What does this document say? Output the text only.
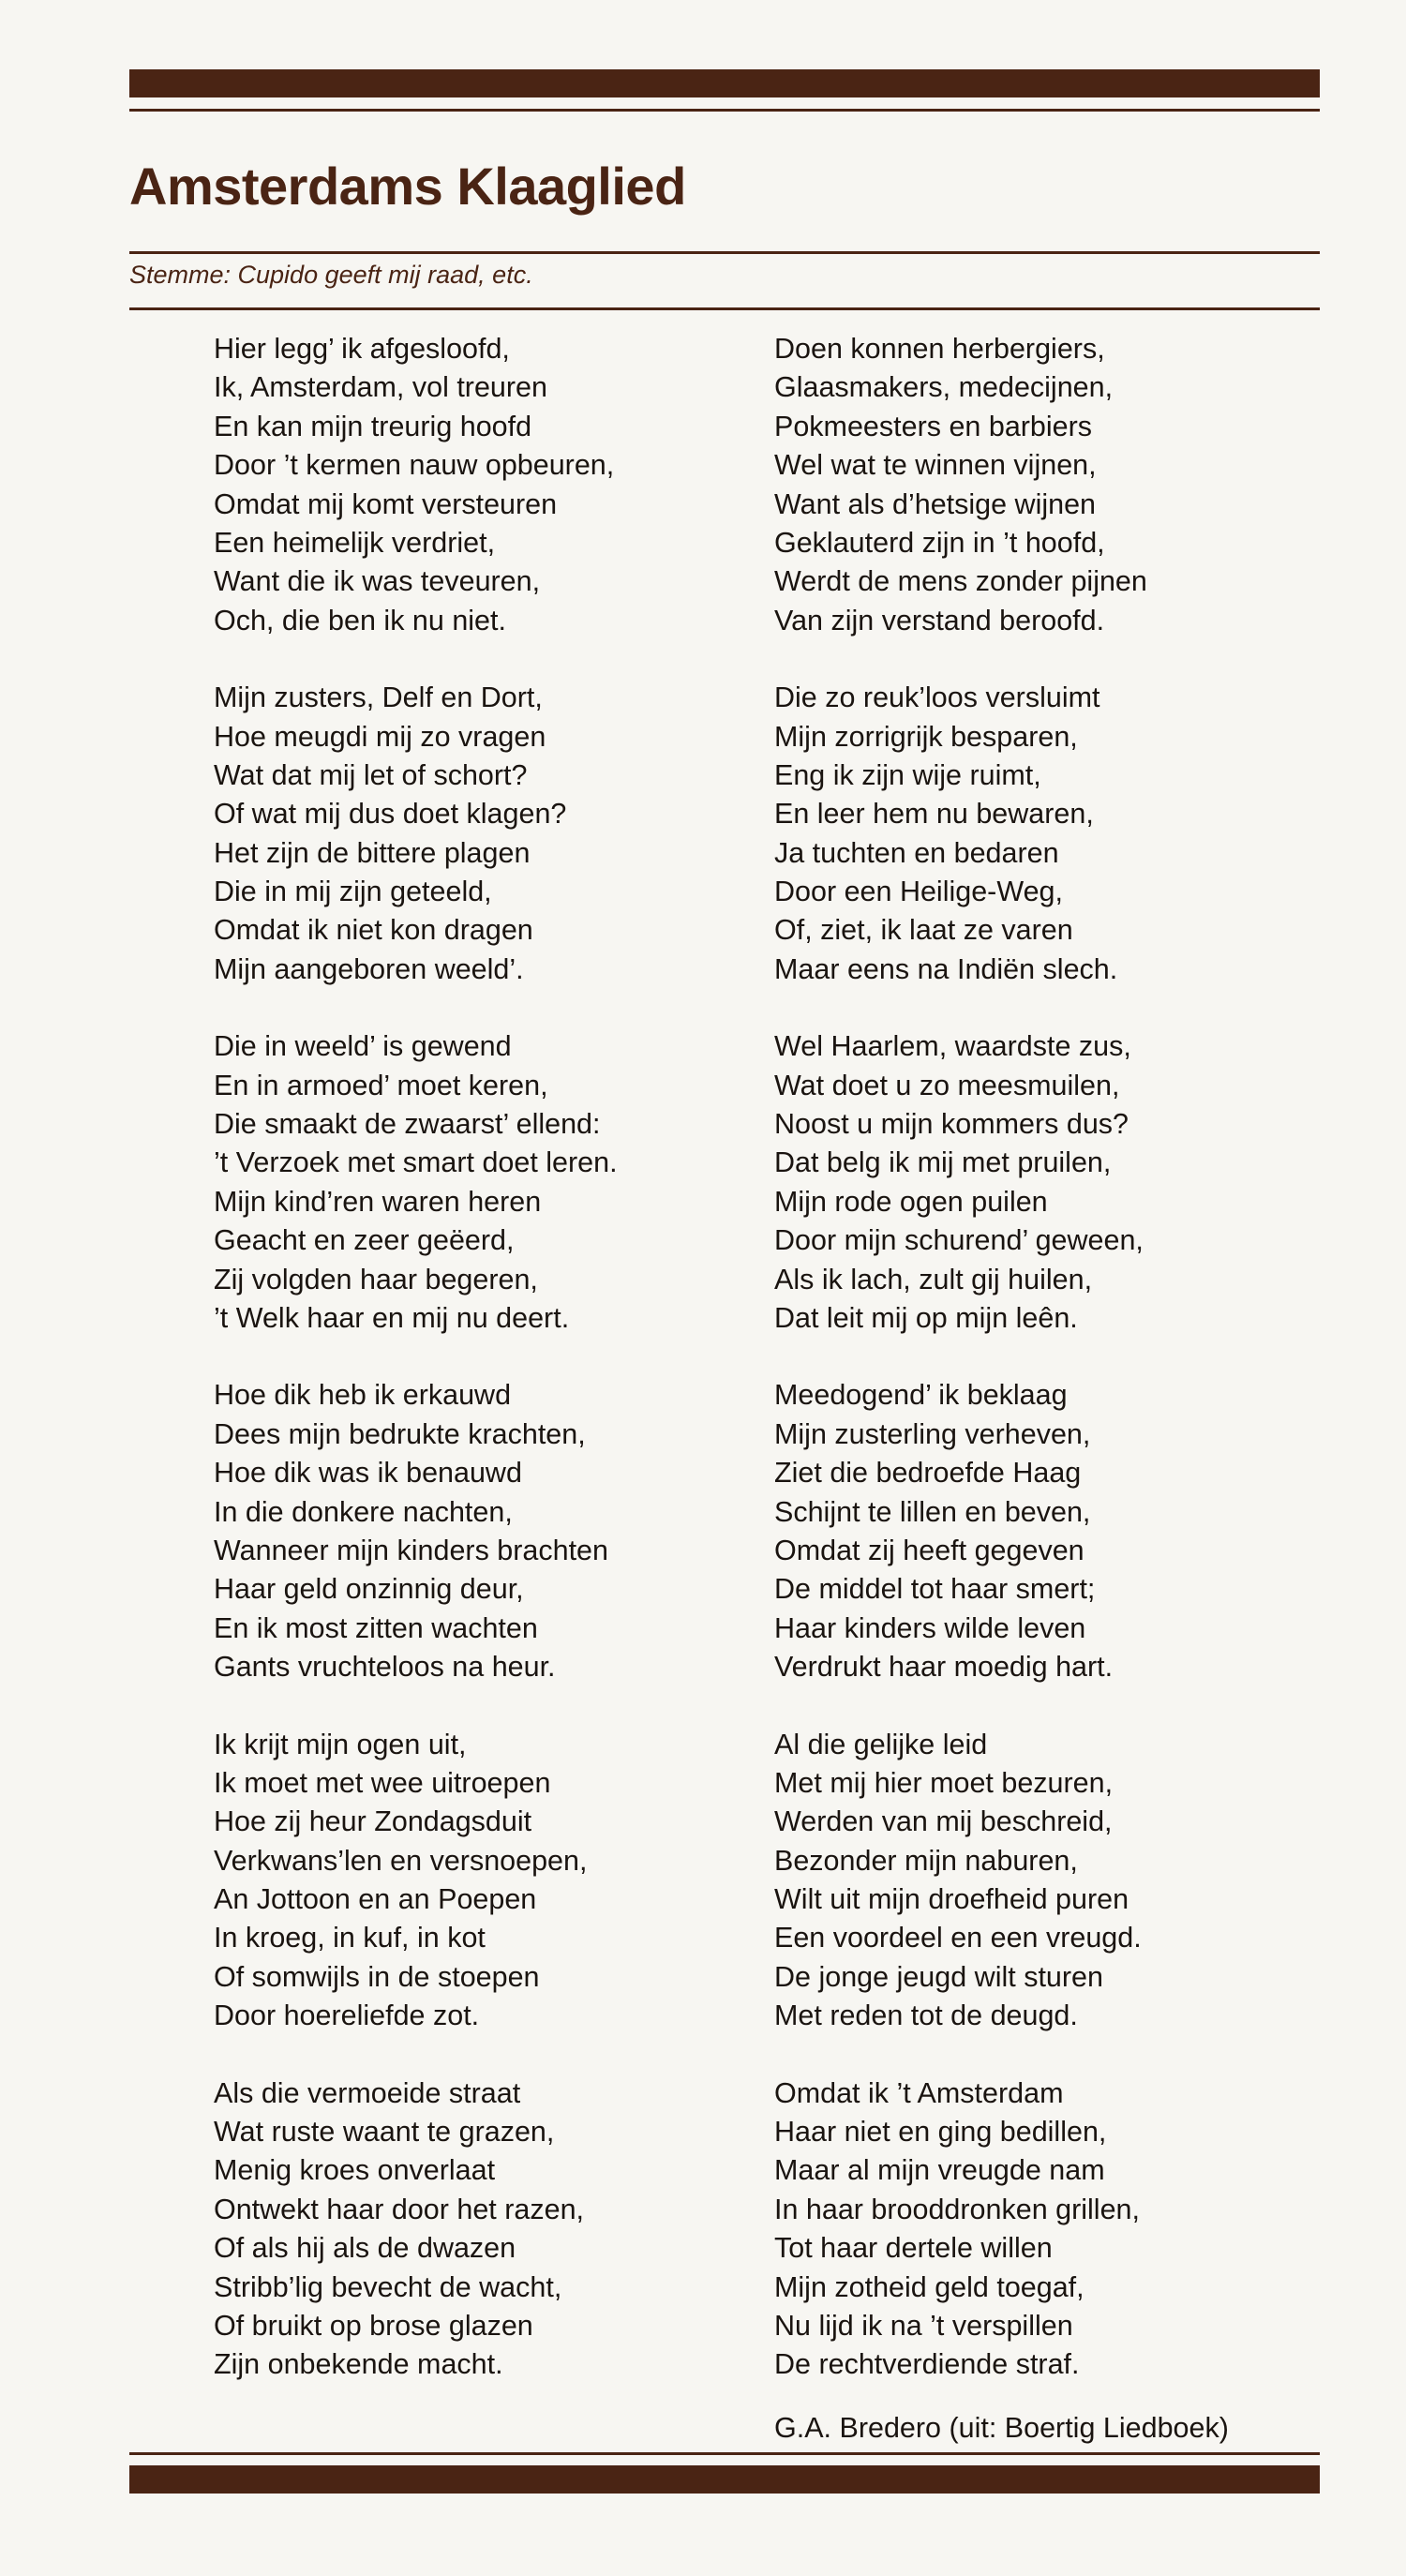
Amsterdams Klaaglied
Stemme: Cupido geeft mij raad, etc.
Hier legg’ ik afgesloofd,
Ik, Amsterdam, vol treuren
En kan mijn treurig hoofd
Door ’t kermen nauw opbeuren,
Omdat mij komt versteuren
Een heimelijk verdriet,
Want die ik was teveuren,
Och, die ben ik nu niet.
Mijn zusters, Delf en Dort,
Hoe meugdi mij zo vragen
Wat dat mij let of schort?
Of wat mij dus doet klagen?
Het zijn de bittere plagen
Die in mij zijn geteeld,
Omdat ik niet kon dragen
Mijn aangeboren weeld’.
Die in weeld’ is gewend
En in armoed’ moet keren,
Die smaakt de zwaarst’ ellend:
’t Verzoek met smart doet leren.
Mijn kind’ren waren heren
Geacht en zeer geëerd,
Zij volgden haar begeren,
’t Welk haar en mij nu deert.
Hoe dik heb ik erkauwd
Dees mijn bedrukte krachten,
Hoe dik was ik benauwd
In die donkere nachten,
Wanneer mijn kinders brachten
Haar geld onzinnig deur,
En ik most zitten wachten
Gants vruchteloos na heur.
Ik krijt mijn ogen uit,
Ik moet met wee uitroepen
Hoe zij heur Zondagsduit
Verkwans’len en versnoepen,
An Jottoon en an Poepen
In kroeg, in kuf, in kot
Of somwijls in de stoepen
Door hoereliefde zot.
Als die vermoeide straat
Wat ruste waant te grazen,
Menig kroes onverlaat
Ontwekt haar door het razen,
Of als hij als de dwazen
Stribb’lig bevecht de wacht,
Of bruikt op brose glazen
Zijn onbekende macht.
Doen konnen herbergiers,
Glaasmakers, medecijnen,
Pokmeesters en barbiers
Wel wat te winnen vijnen,
Want als d’hetsige wijnen
Geklauterd zijn in ’t hoofd,
Werdt de mens zonder pijnen
Van zijn verstand beroofd.
Die zo reuk’loos versluimt
Mijn zorrigrijk besparen,
Eng ik zijn wije ruimt,
En leer hem nu bewaren,
Ja tuchten en bedaren
Door een Heilige-Weg,
Of, ziet, ik laat ze varen
Maar eens na Indiën slech.
Wel Haarlem, waardste zus,
Wat doet u zo meesmuilen,
Noost u mijn kommers dus?
Dat belg ik mij met pruilen,
Mijn rode ogen puilen
Door mijn schurend’ geween,
Als ik lach, zult gij huilen,
Dat leit mij op mijn leên.
Meedogend’ ik beklaag
Mijn zusterling verheven,
Ziet die bedroefde Haag
Schijnt te lillen en beven,
Omdat zij heeft gegeven
De middel tot haar smert;
Haar kinders wilde leven
Verdrukt haar moedig hart.
Al die gelijke leid
Met mij hier moet bezuren,
Werden van mij beschreid,
Bezonder mijn naburen,
Wilt uit mijn droefheid puren
Een voordeel en een vreugd.
De jonge jeugd wilt sturen
Met reden tot de deugd.
Omdat ik ’t Amsterdam
Haar niet en ging bedillen,
Maar al mijn vreugde nam
In haar brooddronken grillen,
Tot haar dertele willen
Mijn zotheid geld toegaf,
Nu lijd ik na ’t verspillen
De rechtverdiende straf.
G.A. Bredero (uit: Boertig Liedboek)
